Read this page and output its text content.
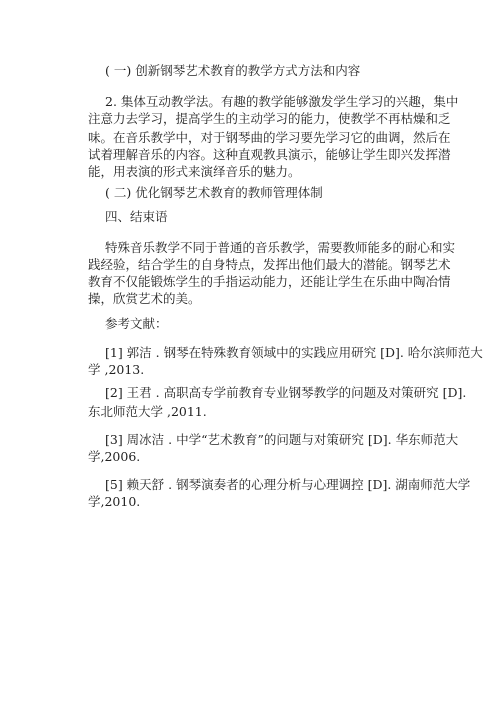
( 一) 创新钢琴艺术教育的教学方式方法和内容
2. 集体互动教学法。有趣的教学能够激发学生学习的兴趣，集中
注意力去学习，提高学生的主动学习的能力，使教学不再枯燥和乏
味。在音乐教学中，对于钢琴曲的学习要先学习它的曲调，然后在
试着理解音乐的内容。这种直观教具演示，能够让学生即兴发挥潜
能，用表演的形式来演绎音乐的魅力。
( 二) 优化钢琴艺术教育的教师管理体制
四、结束语
特殊音乐教学不同于普通的音乐教学，需要教师能多的耐心和实
践经验，结合学生的自身特点，发挥出他们最大的潜能。钢琴艺术
教育不仅能锻炼学生的手指运动能力，还能让学生在乐曲中陶冶情
操，欣赏艺术的美。
参考文献：
[1] 郭洁 . 钢琴在特殊教育领域中的实践应用研究 [D]. 哈尔滨师范大
学 ,2013.
[2] 王君 . 高职高专学前教育专业钢琴教学的问题及对策研究 [D].
东北师范大学 ,2011.
[3] 周冰洁 . 中学“艺术教育”的问题与对策研究 [D]. 华东师范大
学,2006.
[5] 赖天舒 . 钢琴演奏者的心理分析与心理调控 [D]. 湖南师范大学
学,2010.
